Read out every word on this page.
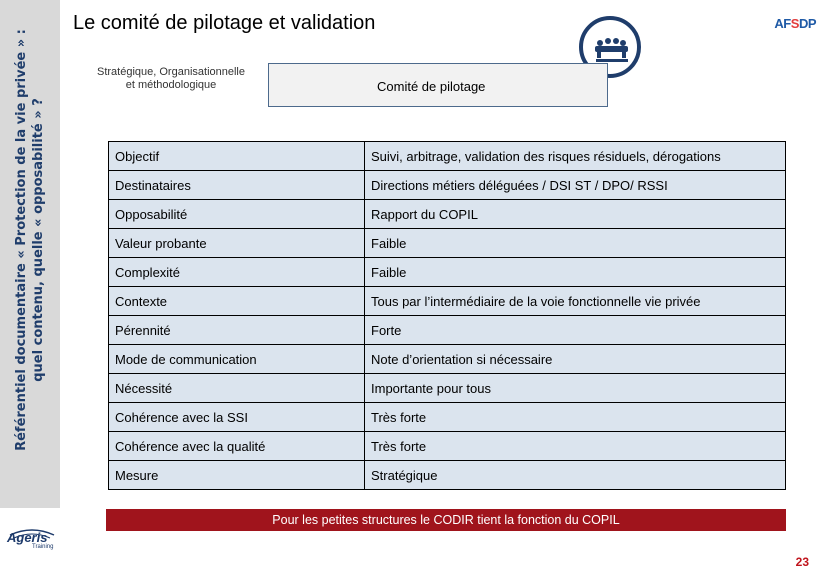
Référentiel documentaire « Protection de la vie privée » : quel contenu, quelle « opposabilité » ?
Le comité de pilotage et validation	AFSDP
Stratégique, Organisationnelle
et méthodologique	Comité de pilotage
Objectif	Suivi, arbitrage, validation des risques résiduels, dérogations
Destinataires	Directions métiers déléguées / DSI ST / DPO/ RSSI
Opposabilité	Rapport du COPIL
Valeur probante	Faible
Complexité	Faible
Contexte	Tous par l’intermédiaire de la voie fonctionnelle vie privée
Pérennité	Forte
Mode de communication	Note d’orientation si nécessaire
Nécessité	Importante pour tous
Cohérence avec la SSI	Très forte
Cohérence avec la qualité	Très forte
Mesure	Stratégique
Pour les petites structures le CODIR tient la fonction du COPIL
Ageris
Training
23
